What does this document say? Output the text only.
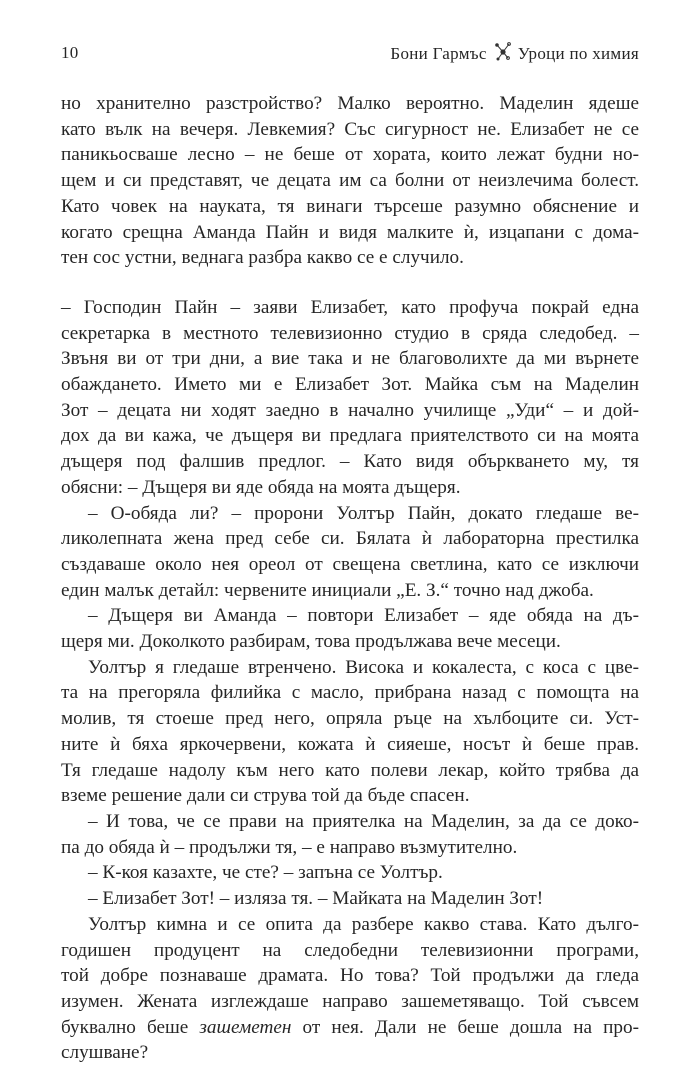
10	Бони Гармъс Уроци по химия

но хранително разстройство? Малко вероятно. Маделин ядеше
като вълк на вечеря. Левкемия? Със сигурност не. Елизабет не се
паникьосваше лесно – не беше от хората, които лежат будни но-
щем и си представят, че децата им са болни от неизлечима болест.
Като човек на науката, тя винаги търсеше разумно обяснение и
когато срещна Аманда Пайн и видя малките ѝ, изцапани с дома-
тен сос устни, веднага разбра какво се е случило.

– Господин Пайн – заяви Елизабет, като профуча покрай една
секретарка в местното телевизионно студио в сряда следобед. –
Звъня ви от три дни, а вие така и не благоволихте да ми върнете
обаждането. Името ми е Елизабет Зот. Майка съм на Маделин
Зот – децата ни ходят заедно в начално училище „Уди“ – и дой-
дох да ви кажа, че дъщеря ви предлага приятелството си на моята
дъщеря под фалшив предлог. – Като видя объркването му, тя
обясни: – Дъщеря ви яде обяда на моята дъщеря.

– О-обяда ли? – пророни Уолтър Пайн, докато гледаше ве-
ликолепната жена пред себе си. Бялата ѝ лабораторна престилка
създаваше около нея ореол от свещена светлина, като се изключи
един малък детайл: червените инициали „Е. З.“ точно над джоба.

– Дъщеря ви Аманда – повтори Елизабет – яде обяда на дъ-
щеря ми. Доколкото разбирам, това продължава вече месеци.

Уолтър я гледаше втренчено. Висока и кокалеста, с коса с цве-
та на прегоряла филийка с масло, прибрана назад с помощта на
молив, тя стоеше пред него, опряла ръце на хълбоците си. Уст-
ните ѝ бяха яркочервени, кожата ѝ сияеше, носът ѝ беше прав.
Тя гледаше надолу към него като полеви лекар, който трябва да
вземе решение дали си струва той да бъде спасен.

– И това, че се прави на приятелка на Маделин, за да се доко-
па до обяда ѝ – продължи тя, – е направо възмутително.

– К-коя казахте, че сте? – запъна се Уолтър.

– Елизабет Зот! – изляза тя. – Майката на Маделин Зот!

Уолтър кимна и се опита да разбере какво става. Като дълго-
годишен продуцент на следобедни телевизионни програми,
той добре познаваше драмата. Но това? Той продължи да гледа
изумен. Жената изглеждаше направо зашеметяващо. Той съвсем
буквално беше зашеметен от нея. Дали не беше дошла на про-
слушване?
